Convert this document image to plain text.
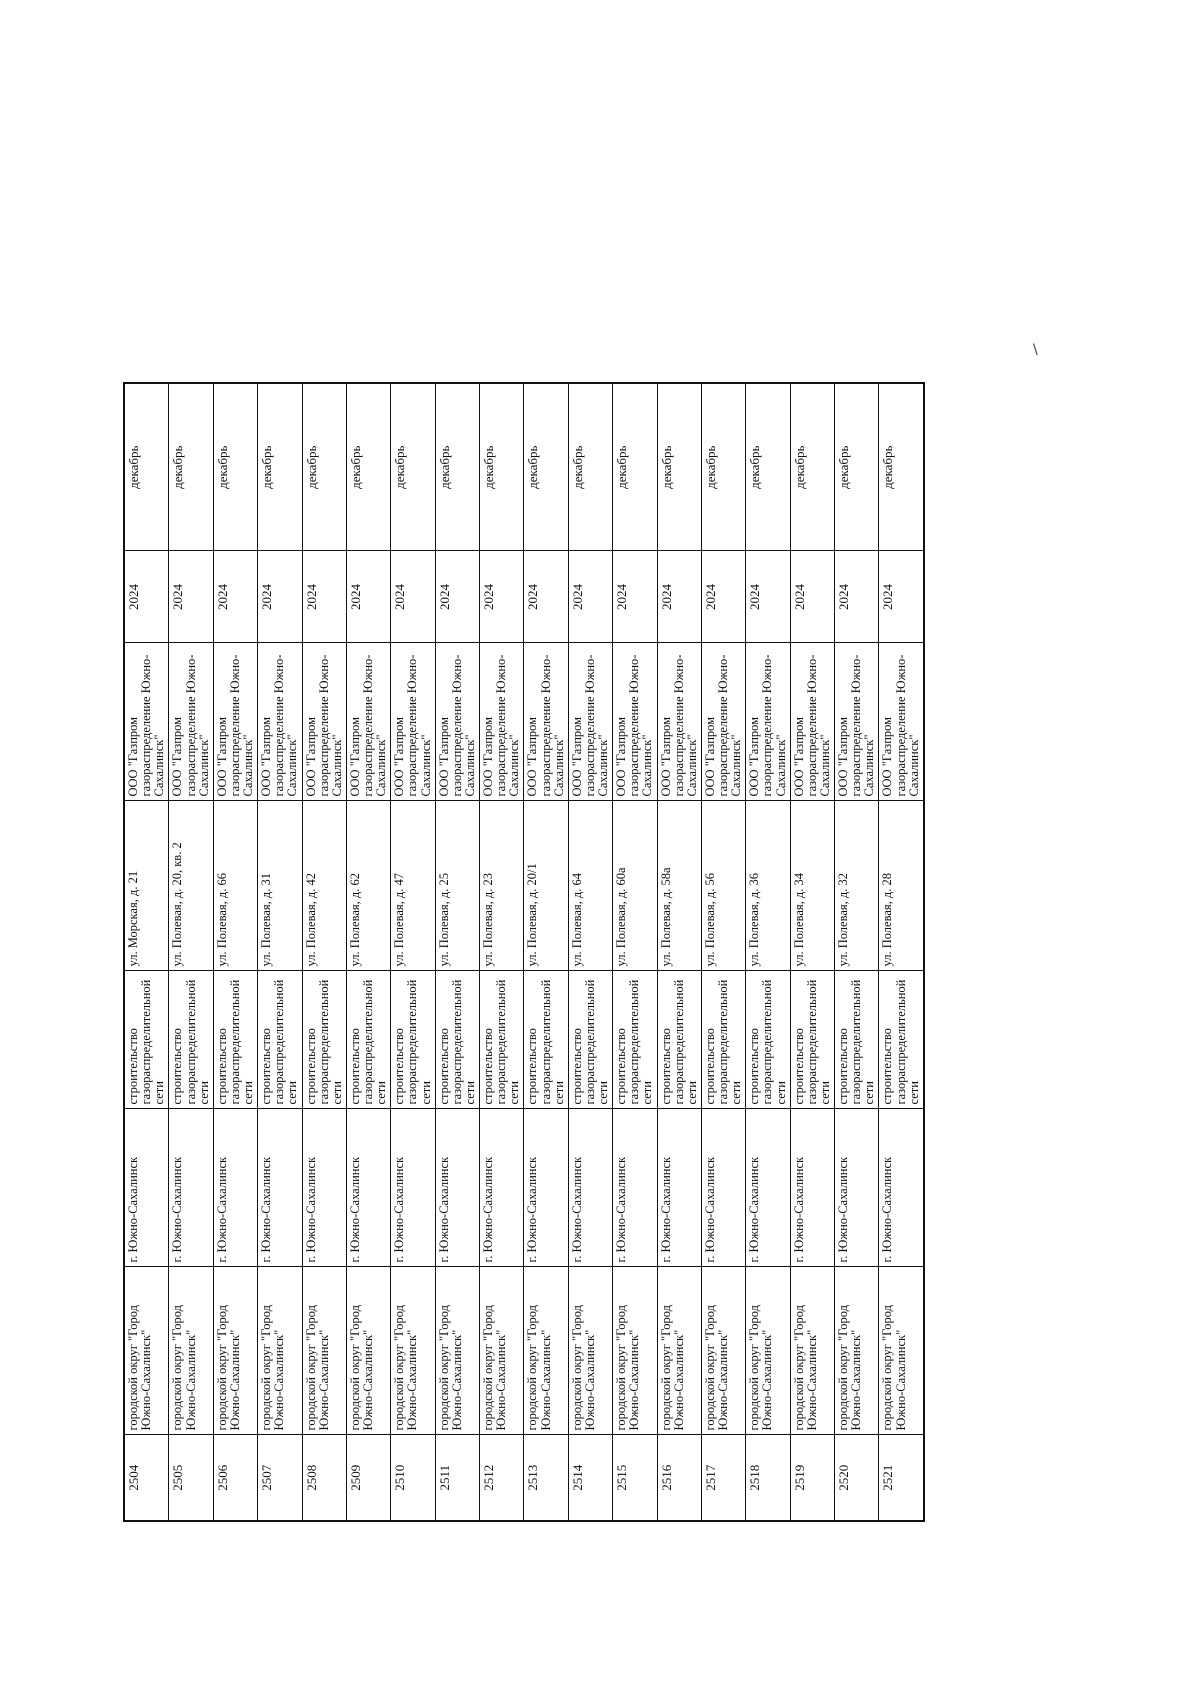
2504	городской округ "Город Южно-Сахалинск"	г. Южно-Сахалинск	строительство газораспределительной сети	ул. Морская, д. 21	ООО "Газпром газораспределение Южно-Сахалинск"	2024	декабрь
2505	городской округ "Город Южно-Сахалинск"	г. Южно-Сахалинск	строительство газораспределительной сети	ул. Полевая, д. 20, кв. 2	ООО "Газпром газораспределение Южно-Сахалинск"	2024	декабрь
2506	городской округ "Город Южно-Сахалинск"	г. Южно-Сахалинск	строительство газораспределительной сети	ул. Полевая, д. 66	ООО "Газпром газораспределение Южно-Сахалинск"	2024	декабрь
2507	городской округ "Город Южно-Сахалинск"	г. Южно-Сахалинск	строительство газораспределительной сети	ул. Полевая, д. 31	ООО "Газпром газораспределение Южно-Сахалинск"	2024	декабрь
2508	городской округ "Город Южно-Сахалинск"	г. Южно-Сахалинск	строительство газораспределительной сети	ул. Полевая, д. 42	ООО "Газпром газораспределение Южно-Сахалинск"	2024	декабрь
2509	городской округ "Город Южно-Сахалинск"	г. Южно-Сахалинск	строительство газораспределительной сети	ул. Полевая, д. 62	ООО "Газпром газораспределение Южно-Сахалинск"	2024	декабрь
2510	городской округ "Город Южно-Сахалинск"	г. Южно-Сахалинск	строительство газораспределительной сети	ул. Полевая, д. 47	ООО "Газпром газораспределение Южно-Сахалинск"	2024	декабрь
2511	городской округ "Город Южно-Сахалинск"	г. Южно-Сахалинск	строительство газораспределительной сети	ул. Полевая, д. 25	ООО "Газпром газораспределение Южно-Сахалинск"	2024	декабрь
2512	городской округ "Город Южно-Сахалинск"	г. Южно-Сахалинск	строительство газораспределительной сети	ул. Полевая, д. 23	ООО "Газпром газораспределение Южно-Сахалинск"	2024	декабрь
2513	городской округ "Город Южно-Сахалинск"	г. Южно-Сахалинск	строительство газораспределительной сети	ул. Полевая, д. 20/1	ООО "Газпром газораспределение Южно-Сахалинск"	2024	декабрь
2514	городской округ "Город Южно-Сахалинск"	г. Южно-Сахалинск	строительство газораспределительной сети	ул. Полевая, д. 64	ООО "Газпром газораспределение Южно-Сахалинск"	2024	декабрь
2515	городской округ "Город Южно-Сахалинск"	г. Южно-Сахалинск	строительство газораспределительной сети	ул. Полевая, д. 60а	ООО "Газпром газораспределение Южно-Сахалинск"	2024	декабрь
2516	городской округ "Город Южно-Сахалинск"	г. Южно-Сахалинск	строительство газораспределительной сети	ул. Полевая, д. 58а	ООО "Газпром газораспределение Южно-Сахалинск"	2024	декабрь
2517	городской округ "Город Южно-Сахалинск"	г. Южно-Сахалинск	строительство газораспределительной сети	ул. Полевая, д. 56	ООО "Газпром газораспределение Южно-Сахалинск"	2024	декабрь
2518	городской округ "Город Южно-Сахалинск"	г. Южно-Сахалинск	строительство газораспределительной сети	ул. Полевая, д. 36	ООО "Газпром газораспределение Южно-Сахалинск"	2024	декабрь
2519	городской округ "Город Южно-Сахалинск"	г. Южно-Сахалинск	строительство газораспределительной сети	ул. Полевая, д. 34	ООО "Газпром газораспределение Южно-Сахалинск"	2024	декабрь
2520	городской округ "Город Южно-Сахалинск"	г. Южно-Сахалинск	строительство газораспределительной сети	ул. Полевая, д. 32	ООО "Газпром газораспределение Южно-Сахалинск"	2024	декабрь
2521	городской округ "Город Южно-Сахалинск"	г. Южно-Сахалинск	строительство газораспределительной сети	ул. Полевая, д. 28	ООО "Газпром газораспределение Южно-Сахалинск"	2024	декабрь
\
